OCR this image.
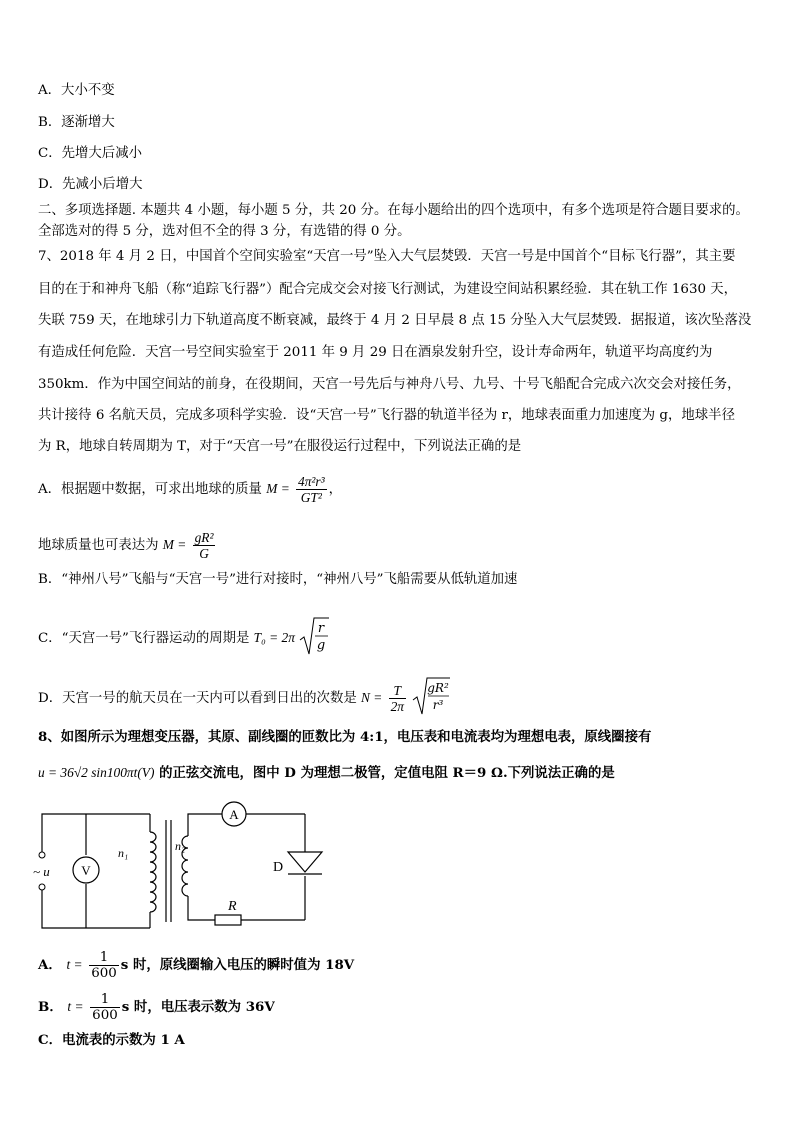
A．大小不变
B．逐渐增大
C．先增大后减小
D．先减小后增大
二、多项选择题. 本题共 4 小题，每小题 5 分，共 20 分。在每小题给出的四个选项中，有多个选项是符合题目要求的。
全部选对的得 5 分，选对但不全的得 3 分，有选错的得 0 分。
7、2018 年 4 月 2 日，中国首个空间实验室“天宫一号”坠入大气层焚毁．天宫一号是中国首个“目标飞行器”，其主要
目的在于和神舟飞船（称“追踪飞行器”）配合完成交会对接飞行测试，为建设空间站积累经验．其在轨工作 1630 天，
失联 759 天，在地球引力下轨道高度不断衰减，最终于 4 月 2 日早晨 8 点 15 分坠入大气层焚毁．据报道，该次坠落没
有造成任何危险．天宫一号空间实验室于 2011 年 9 月 29 日在酒泉发射升空，设计寿命两年，轨道平均高度约为
350km．作为中国空间站的前身，在役期间，天宫一号先后与神舟八号、九号、十号飞船配合完成六次交会对接任务，
共计接待 6 名航天员，完成多项科学实验．设“天宫一号”飞行器的轨道半径为 r，地球表面重力加速度为 g，地球半径
为 R，地球自转周期为 T，对于“天宫一号”在服役运行过程中，下列说法正确的是
A．根据题中数据，可求出地球的质量 $M = \frac{\text{4π²r³}}{\text{GT²}}$ ，
地球质量也可表达为 $M = \frac{\text{gR²}}{G}$
B．“神州八号”飞船与“天宫一号”进行对接时，“神州八号”飞船需要从低轨道加速
C．“天宫一号”飞行器运动的周期是 T₀ = 2π
r
g
D．天宫一号的航天员在一天内可以看到日出的次数是 $N = \frac{T}{2\pi}$
gR²
r³
8、如图所示为理想变压器，其原、副线圈的匝数比为 4:1，电压表和电流表均为理想电表，原线圈接有
u = 36√2 sin100πt(V) 的正弦交流电，图中 D 为理想二极管，定值电阻 R＝9 Ω.下列说法正确的是
V
A
~ u
n₁	n₂
D
R
A． $t = \frac{1}{600}$ s 时，原线圈输入电压的瞬时值为 18V
B． $t = \frac{1}{600}$ s 时，电压表示数为 36V
C．电流表的示数为 1 A
